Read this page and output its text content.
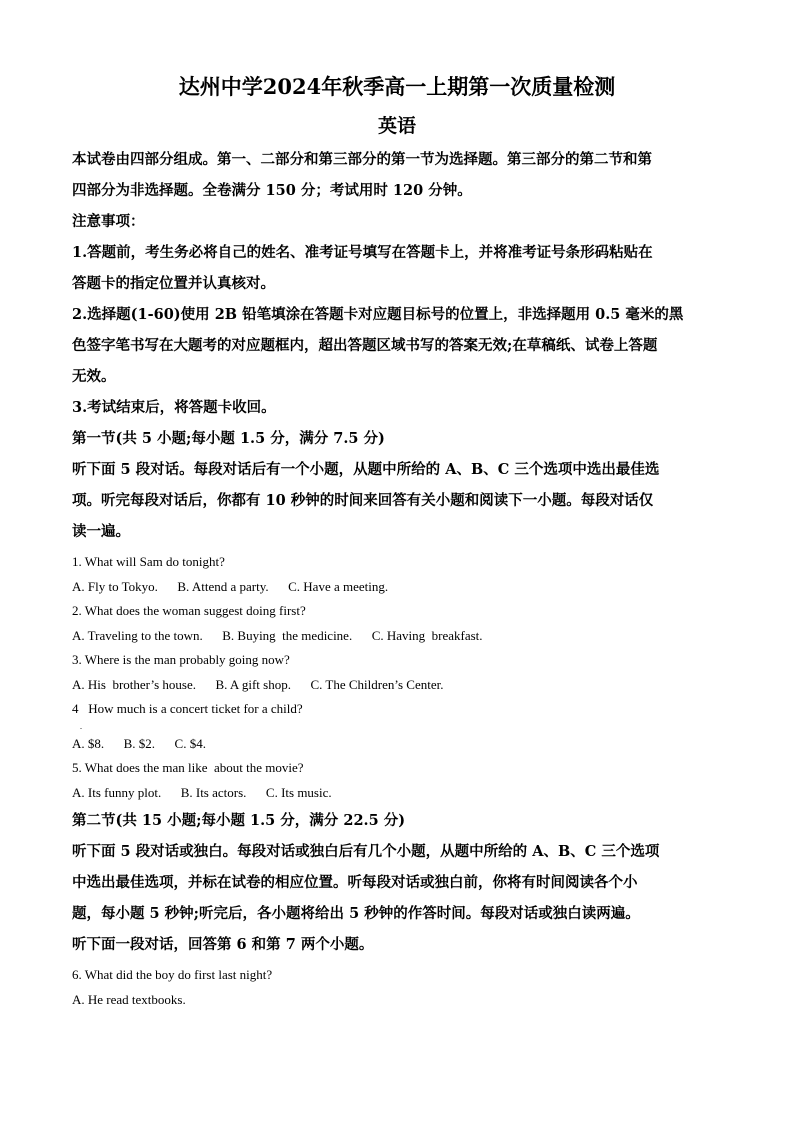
达州中学2024年秋季高一上期第一次质量检测
英语

本试卷由四部分组成。第一、二部分和第三部分的第一节为选择题。第三部分的第二节和第

四部分为非选择题。全卷满分 150 分；考试用时 120 分钟。

注意事项：

1.答题前，考生务必将自己的姓名、准考证号填写在答题卡上，并将准考证号条形码粘贴在

答题卡的指定位置并认真核对。

2.选择题(1-60)使用 2B 铅笔填涂在答题卡对应题目标号的位置上，非选择题用 0.5 毫米的黑

色签字笔书写在大题考的对应题框内，超出答题区域书写的答案无效;在草稿纸、试卷上答题

无效。

3.考试结束后，将答题卡收回。

第一节(共 5 小题;每小题 1.5 分，满分 7.5 分)

听下面 5 段对话。每段对话后有一个小题，从题中所给的 A、B、C 三个选项中选出最佳选

项。听完每段对话后，你都有 10 秒钟的时间来回答有关小题和阅读下一小题。每段对话仅

读一遍。

1. What will Sam do tonight?

A. Fly to Tokyo.      B. Attend a party.      C. Have a meeting.

2. What does the woman suggest doing first?

A. Traveling to the town.      B. Buying  the medicine.      C. Having  breakfast.

3. Where is the man probably going now?

A. His  brother’s house.      B. A gift shop.      C. The Children’s Center.

4   How much is a concert ticket for a child?

.

A. $8.      B. $2.      C. $4.

5. What does the man like  about the movie?

A. Its funny plot.      B. Its actors.      C. Its music.

第二节(共 15 小题;每小题 1.5 分，满分 22.5 分)

听下面 5 段对话或独白。每段对话或独白后有几个小题，从题中所给的 A、B、C 三个选项

中选出最佳选项，并标在试卷的相应位置。听每段对话或独白前，你将有时间阅读各个小

题，每小题 5 秒钟;听完后，各小题将给出 5 秒钟的作答时间。每段对话或独白读两遍。

听下面一段对话，回答第 6 和第 7 两个小题。

6. What did the boy do first last night?

A. He read textbooks.
